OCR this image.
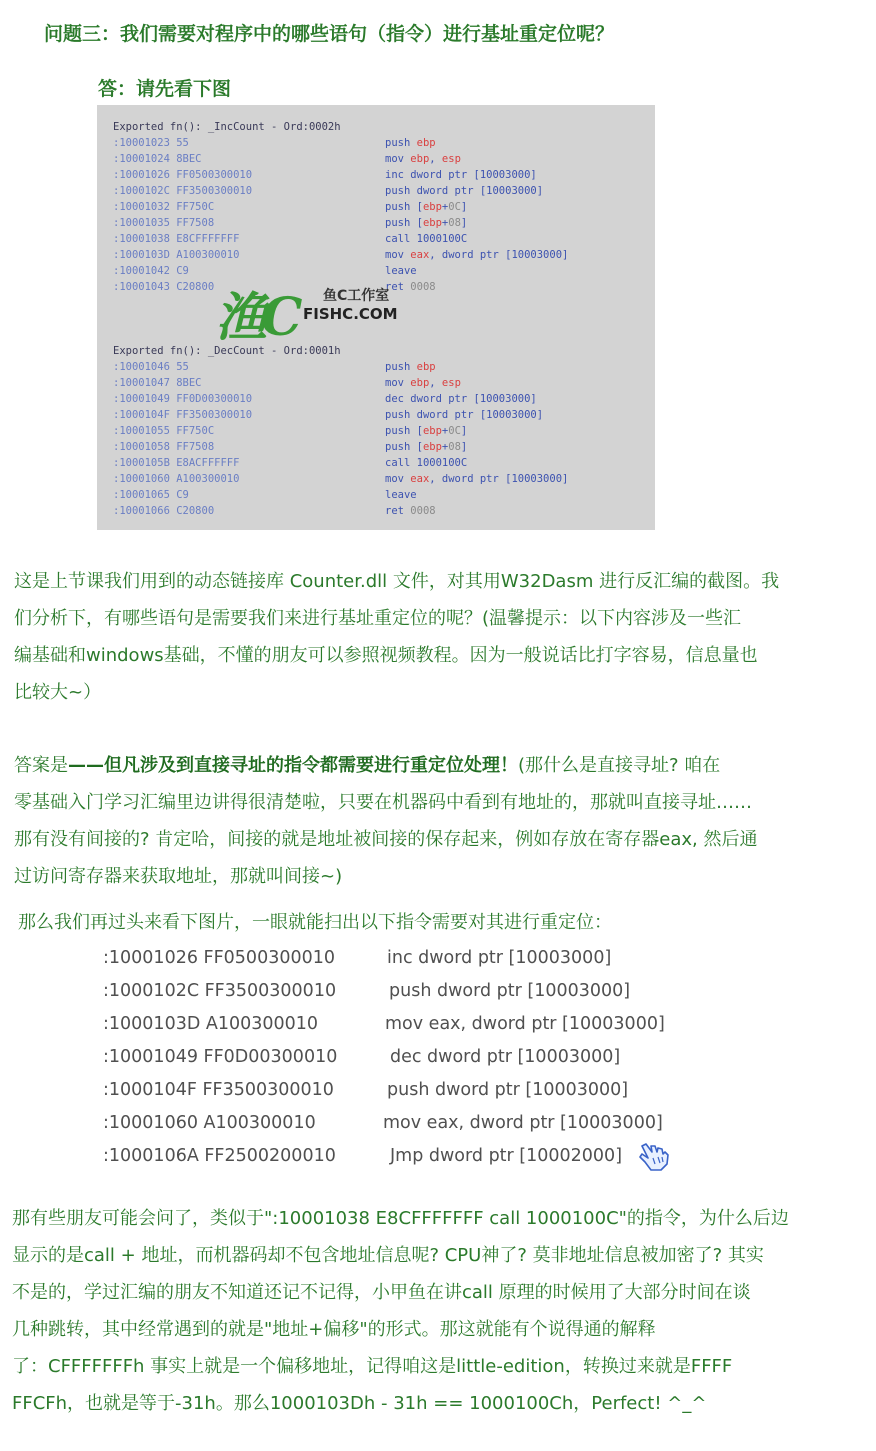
问题三：我们需要对程序中的哪些语句（指令）进行基址重定位呢？
答：请先看下图
Exported fn(): _IncCount - Ord:0002h
:10001023 55	push ebp
:10001024 8BEC	mov ebp, esp
:10001026 FF0500300010	inc dword ptr [10003000]
:1000102C FF3500300010	push dword ptr [10003000]
:10001032 FF750C	push [ebp+0C]
:10001035 FF7508	push [ebp+08]
:10001038 E8CFFFFFFF	call 1000100C
:1000103D A100300010	mov eax, dword ptr [10003000]
:10001042 C9	leave
:10001043 C20800	ret 0008
Exported fn(): _DecCount - Ord:0001h
:10001046 55	push ebp
:10001047 8BEC	mov ebp, esp
:10001049 FF0D00300010	dec dword ptr [10003000]
:1000104F FF3500300010	push dword ptr [10003000]
:10001055 FF750C	push [ebp+0C]
:10001058 FF7508	push [ebp+08]
:1000105B E8ACFFFFFF	call 1000100C
:10001060 A100300010	mov eax, dword ptr [10003000]
:10001065 C9	leave
:10001066 C20800	ret 0008
渔C 鱼C工作室
FISHC.COM
这是上节课我们用到的动态链接库 Counter.dll 文件，对其用W32Dasm 进行反汇编的截图。我
们分析下，有哪些语句是需要我们来进行基址重定位的呢？(温馨提示：以下内容涉及一些汇
编基础和windows基础，不懂的朋友可以参照视频教程。因为一般说话比打字容易，信息量也
比较大~）
答案是——但凡涉及到直接寻址的指令都需要进行重定位处理！(那什么是直接寻址? 咱在
零基础入门学习汇编里边讲得很清楚啦，只要在机器码中看到有地址的，那就叫直接寻址……
那有没有间接的? 肯定哈，间接的就是地址被间接的保存起来，例如存放在寄存器eax, 然后通
过访问寄存器来获取地址，那就叫间接~)
那么我们再过头来看下图片，一眼就能扫出以下指令需要对其进行重定位：
:10001026 FF0500300010	inc dword ptr [10003000]
:1000102C FF3500300010	push dword ptr [10003000]
:1000103D A100300010	mov eax, dword ptr [10003000]
:10001049 FF0D00300010	dec dword ptr [10003000]
:1000104F FF3500300010	push dword ptr [10003000]
:10001060 A100300010	mov eax, dword ptr [10003000]
:1000106A FF2500200010	Jmp dword ptr [10002000]
那有些朋友可能会问了，类似于":10001038 E8CFFFFFFF call 1000100C"的指令，为什么后边
显示的是call + 地址，而机器码却不包含地址信息呢? CPU神了? 莫非地址信息被加密了? 其实
不是的，学过汇编的朋友不知道还记不记得，小甲鱼在讲call 原理的时候用了大部分时间在谈
几种跳转，其中经常遇到的就是"地址+偏移"的形式。那这就能有个说得通的解释
了：CFFFFFFFh 事实上就是一个偏移地址，记得咱这是little-edition，转换过来就是FFFF
FFCFh，也就是等于-31h。那么1000103Dh - 31h == 1000100Ch，Perfect! ^_^
